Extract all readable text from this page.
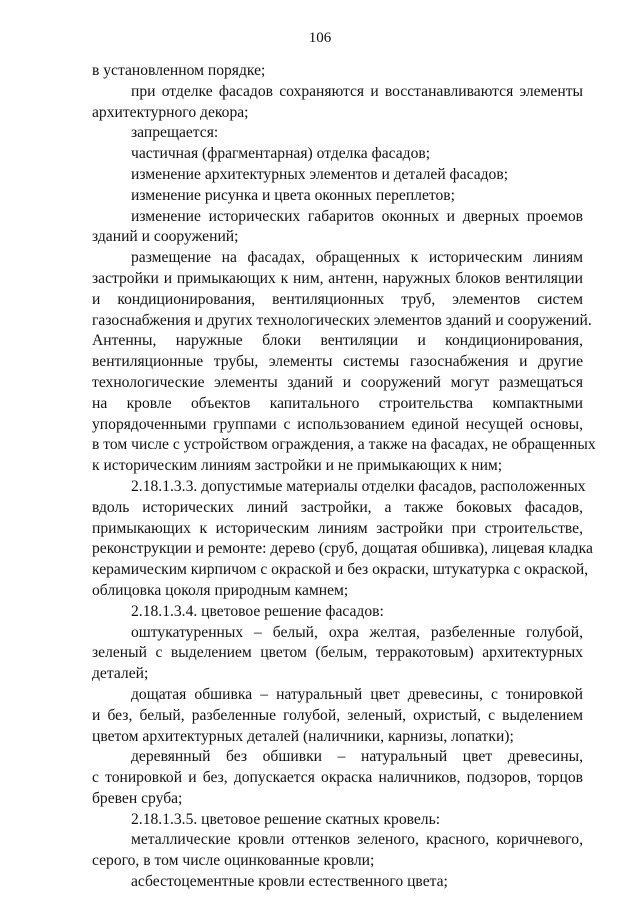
106
в установленном порядке;
при отделке фасадов сохраняются и восстанавливаются элементы
архитектурного декора;
запрещается:
частичная (фрагментарная) отделка фасадов;
изменение архитектурных элементов и деталей фасадов;
изменение рисунка и цвета оконных переплетов;
изменение исторических габаритов оконных и дверных проемов
зданий и сооружений;
размещение на фасадах, обращенных к историческим линиям
застройки и примыкающих к ним, антенн, наружных блоков вентиляции
и кондиционирования, вентиляционных труб, элементов систем
газоснабжения и других технологических элементов зданий и сооружений.
Антенны, наружные блоки вентиляции и кондиционирования,
вентиляционные трубы, элементы системы газоснабжения и другие
технологические элементы зданий и сооружений могут размещаться
на кровле объектов капитального строительства компактными
упорядоченными группами с использованием единой несущей основы,
в том числе с устройством ограждения, а также на фасадах, не обращенных
к историческим линиям застройки и не примыкающих к ним;
2.18.1.3.3. допустимые материалы отделки фасадов, расположенных
вдоль исторических линий застройки, а также боковых фасадов,
примыкающих к историческим линиям застройки при строительстве,
реконструкции и ремонте: дерево (сруб, дощатая обшивка), лицевая кладка
керамическим кирпичом с окраской и без окраски, штукатурка с окраской,
облицовка цоколя природным камнем;
2.18.1.3.4. цветовое решение фасадов:
оштукатуренных – белый, охра желтая, разбеленные голубой,
зеленый с выделением цветом (белым, терракотовым) архитектурных
деталей;
дощатая обшивка – натуральный цвет древесины, с тонировкой
и без, белый, разбеленные голубой, зеленый, охристый, с выделением
цветом архитектурных деталей (наличники, карнизы, лопатки);
деревянный без обшивки – натуральный цвет древесины,
с тонировкой и без, допускается окраска наличников, подзоров, торцов
бревен сруба;
2.18.1.3.5. цветовое решение скатных кровель:
металлические кровли оттенков зеленого, красного, коричневого,
серого, в том числе оцинкованные кровли;
асбестоцементные кровли естественного цвета;
